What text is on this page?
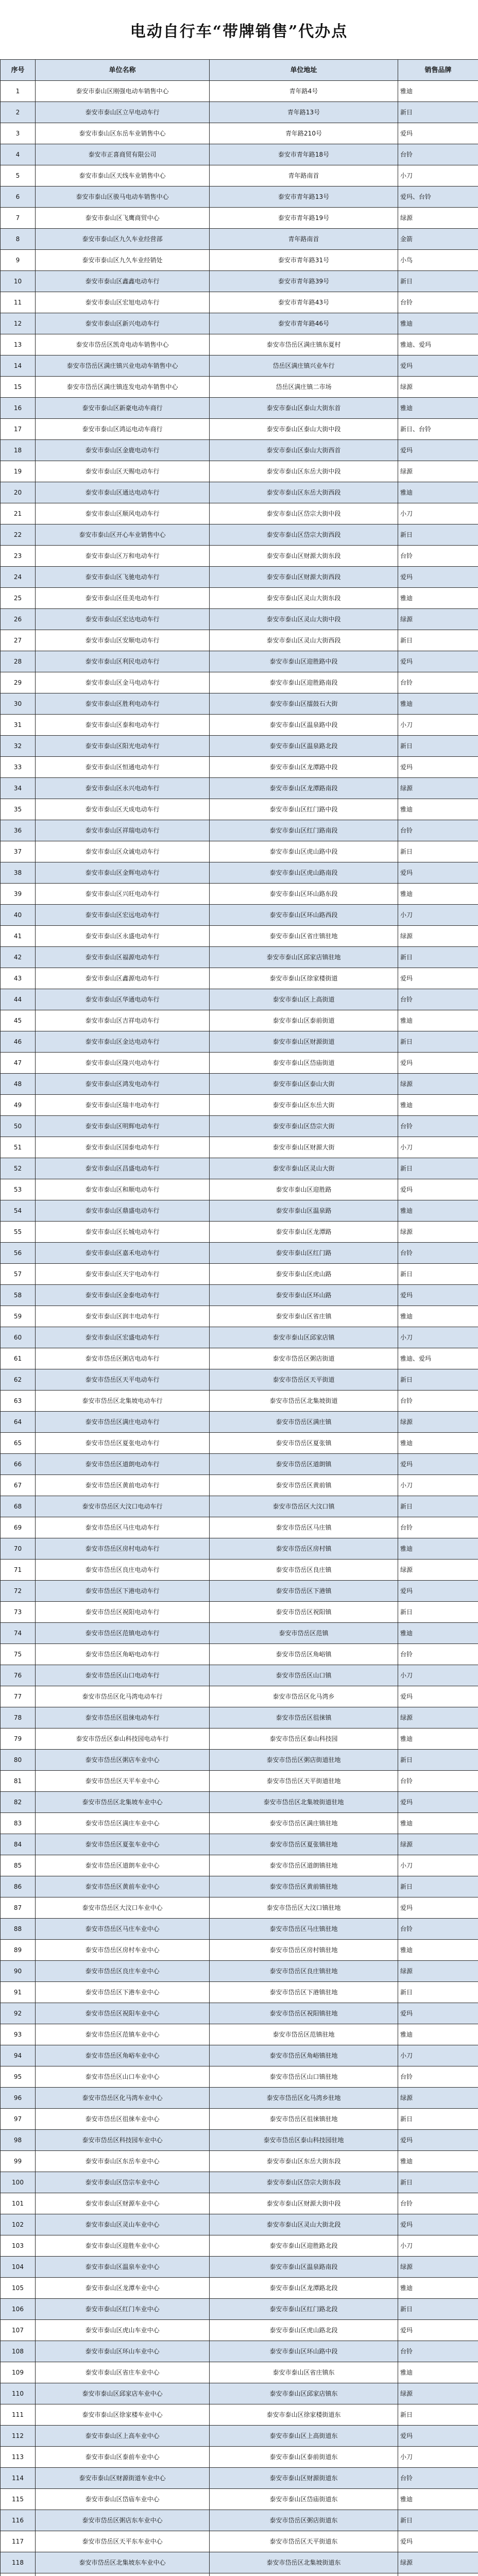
电动自行车“带牌销售”代办点
序号	单位名称	单位地址	销售品牌
1	泰安市泰山区刚强电动车销售中心	青年路4号	雅迪
2	泰安市泰山区立早电动车行	青年路13号	新日
3	泰安市泰山区东岳车业销售中心	青年路210号	爱玛
4	泰安市正喜商贸有限公司	泰安市青年路18号	台铃
5	泰安市泰山区天线车业销售中心	青年路南首	小刀
6	泰安市泰山区骏马电动车销售中心	泰安市青年路13号	爱玛、台铃
7	泰安市泰山区飞鹰商贸中心	泰安市青年路19号	绿源
8	泰安市泰山区九久车业经营部	青年路南首	金箭
9	泰安市泰山区九久车业经销处	泰安市青年路31号	小鸟
10	泰安市泰山区鑫鑫电动车行	泰安市青年路39号	新日
11	泰安市泰山区宏旭电动车行	泰安市青年路43号	台铃
12	泰安市泰山区新兴电动车行	泰安市青年路46号	雅迪
13	泰安市岱岳区凯奇电动车销售中心	泰安市岱岳区满庄镇东夏村	雅迪、爱玛
14	泰安市岱岳区满庄镇兴业电动车销售中心	岱岳区满庄镇兴业车行	爱玛
15	泰安市岱岳区满庄镇连发电动车销售中心	岱岳区满庄镇二市场	绿源
16	泰安市泰山区新豪电动车商行	泰安市泰山区泰山大街东首	雅迪
17	泰安市泰山区鸿运电动车商行	泰安市泰山区泰山大街中段	新日、台铃
18	泰安市泰山区金鹿电动车行	泰安市泰山区泰山大街西首	爱玛
19	泰安市泰山区天赐电动车行	泰安市泰山区东岳大街中段	绿源
20	泰安市泰山区通达电动车行	泰安市泰山区东岳大街西段	雅迪
21	泰安市泰山区顺风电动车行	泰安市泰山区岱宗大街中段	小刀
22	泰安市泰山区开心车业销售中心	泰安市泰山区岱宗大街西段	新日
23	泰安市泰山区万和电动车行	泰安市泰山区财源大街东段	台铃
24	泰安市泰山区飞驰电动车行	泰安市泰山区财源大街西段	爱玛
25	泰安市泰山区佳美电动车行	泰安市泰山区灵山大街东段	雅迪
26	泰安市泰山区宏达电动车行	泰安市泰山区灵山大街中段	绿源
27	泰安市泰山区安顺电动车行	泰安市泰山区灵山大街西段	新日
28	泰安市泰山区利民电动车行	泰安市泰山区迎胜路中段	爱玛
29	泰安市泰山区金马电动车行	泰安市泰山区迎胜路南段	台铃
30	泰安市泰山区胜利电动车行	泰安市泰山区擂鼓石大街	雅迪
31	泰安市泰山区泰和电动车行	泰安市泰山区温泉路中段	小刀
32	泰安市泰山区阳光电动车行	泰安市泰山区温泉路北段	新日
33	泰安市泰山区恒通电动车行	泰安市泰山区龙潭路中段	爱玛
34	泰安市泰山区永兴电动车行	泰安市泰山区龙潭路南段	绿源
35	泰安市泰山区天成电动车行	泰安市泰山区红门路中段	雅迪
36	泰安市泰山区祥瑞电动车行	泰安市泰山区红门路南段	台铃
37	泰安市泰山区众诚电动车行	泰安市泰山区虎山路中段	新日
38	泰安市泰山区金辉电动车行	泰安市泰山区虎山路南段	爱玛
39	泰安市泰山区兴旺电动车行	泰安市泰山区环山路东段	雅迪
40	泰安市泰山区宏远电动车行	泰安市泰山区环山路西段	小刀
41	泰安市泰山区永盛电动车行	泰安市泰山区省庄镇驻地	绿源
42	泰安市泰山区福源电动车行	泰安市泰山区邱家店镇驻地	新日
43	泰安市泰山区鑫源电动车行	泰安市泰山区徐家楼街道	爱玛
44	泰安市泰山区华通电动车行	泰安市泰山区上高街道	台铃
45	泰安市泰山区吉祥电动车行	泰安市泰山区泰前街道	雅迪
46	泰安市泰山区金达电动车行	泰安市泰山区财源街道	新日
47	泰安市泰山区隆兴电动车行	泰安市泰山区岱庙街道	爱玛
48	泰安市泰山区鸿发电动车行	泰安市泰山区泰山大街	绿源
49	泰安市泰山区瑞丰电动车行	泰安市泰山区东岳大街	雅迪
50	泰安市泰山区明辉电动车行	泰安市泰山区岱宗大街	台铃
51	泰安市泰山区国泰电动车行	泰安市泰山区财源大街	小刀
52	泰安市泰山区昌盛电动车行	泰安市泰山区灵山大街	新日
53	泰安市泰山区和顺电动车行	泰安市泰山区迎胜路	爱玛
54	泰安市泰山区鼎盛电动车行	泰安市泰山区温泉路	雅迪
55	泰安市泰山区长城电动车行	泰安市泰山区龙潭路	绿源
56	泰安市泰山区嘉禾电动车行	泰安市泰山区红门路	台铃
57	泰安市泰山区天宇电动车行	泰安市泰山区虎山路	新日
58	泰安市泰山区金泰电动车行	泰安市泰山区环山路	爱玛
59	泰安市泰山区润丰电动车行	泰安市泰山区省庄镇	雅迪
60	泰安市泰山区宏盛电动车行	泰安市泰山区邱家店镇	小刀
61	泰安市岱岳区粥店电动车行	泰安市岱岳区粥店街道	雅迪、爱玛
62	泰安市岱岳区天平电动车行	泰安市岱岳区天平街道	新日
63	泰安市岱岳区北集坡电动车行	泰安市岱岳区北集坡街道	台铃
64	泰安市岱岳区满庄电动车行	泰安市岱岳区满庄镇	绿源
65	泰安市岱岳区夏张电动车行	泰安市岱岳区夏张镇	雅迪
66	泰安市岱岳区道朗电动车行	泰安市岱岳区道朗镇	爱玛
67	泰安市岱岳区黄前电动车行	泰安市岱岳区黄前镇	小刀
68	泰安市岱岳区大汶口电动车行	泰安市岱岳区大汶口镇	新日
69	泰安市岱岳区马庄电动车行	泰安市岱岳区马庄镇	台铃
70	泰安市岱岳区房村电动车行	泰安市岱岳区房村镇	雅迪
71	泰安市岱岳区良庄电动车行	泰安市岱岳区良庄镇	绿源
72	泰安市岱岳区下港电动车行	泰安市岱岳区下港镇	爱玛
73	泰安市岱岳区祝阳电动车行	泰安市岱岳区祝阳镇	新日
74	泰安市岱岳区范镇电动车行	泰安市岱岳区范镇	雅迪
75	泰安市岱岳区角峪电动车行	泰安市岱岳区角峪镇	台铃
76	泰安市岱岳区山口电动车行	泰安市岱岳区山口镇	小刀
77	泰安市岱岳区化马湾电动车行	泰安市岱岳区化马湾乡	爱玛
78	泰安市岱岳区徂徕电动车行	泰安市岱岳区徂徕镇	绿源
79	泰安市岱岳区泰山科技园电动车行	泰安市岱岳区泰山科技园	雅迪
80	泰安市岱岳区粥店车业中心	泰安市岱岳区粥店街道驻地	新日
81	泰安市岱岳区天平车业中心	泰安市岱岳区天平街道驻地	台铃
82	泰安市岱岳区北集坡车业中心	泰安市岱岳区北集坡街道驻地	爱玛
83	泰安市岱岳区满庄车业中心	泰安市岱岳区满庄镇驻地	雅迪
84	泰安市岱岳区夏张车业中心	泰安市岱岳区夏张镇驻地	绿源
85	泰安市岱岳区道朗车业中心	泰安市岱岳区道朗镇驻地	小刀
86	泰安市岱岳区黄前车业中心	泰安市岱岳区黄前镇驻地	新日
87	泰安市岱岳区大汶口车业中心	泰安市岱岳区大汶口镇驻地	爱玛
88	泰安市岱岳区马庄车业中心	泰安市岱岳区马庄镇驻地	台铃
89	泰安市岱岳区房村车业中心	泰安市岱岳区房村镇驻地	雅迪
90	泰安市岱岳区良庄车业中心	泰安市岱岳区良庄镇驻地	绿源
91	泰安市岱岳区下港车业中心	泰安市岱岳区下港镇驻地	新日
92	泰安市岱岳区祝阳车业中心	泰安市岱岳区祝阳镇驻地	爱玛
93	泰安市岱岳区范镇车业中心	泰安市岱岳区范镇驻地	雅迪
94	泰安市岱岳区角峪车业中心	泰安市岱岳区角峪镇驻地	小刀
95	泰安市岱岳区山口车业中心	泰安市岱岳区山口镇驻地	台铃
96	泰安市岱岳区化马湾车业中心	泰安市岱岳区化马湾乡驻地	绿源
97	泰安市岱岳区徂徕车业中心	泰安市岱岳区徂徕镇驻地	新日
98	泰安市岱岳区科技园车业中心	泰安市岱岳区泰山科技园驻地	爱玛
99	泰安市泰山区东岳车业中心	泰安市泰山区东岳大街东段	雅迪
100	泰安市泰山区岱宗车业中心	泰安市泰山区岱宗大街东段	新日
101	泰安市泰山区财源车业中心	泰安市泰山区财源大街中段	台铃
102	泰安市泰山区灵山车业中心	泰安市泰山区灵山大街北段	爱玛
103	泰安市泰山区迎胜车业中心	泰安市泰山区迎胜路北段	小刀
104	泰安市泰山区温泉车业中心	泰安市泰山区温泉路南段	绿源
105	泰安市泰山区龙潭车业中心	泰安市泰山区龙潭路北段	雅迪
106	泰安市泰山区红门车业中心	泰安市泰山区红门路北段	新日
107	泰安市泰山区虎山车业中心	泰安市泰山区虎山路北段	爱玛
108	泰安市泰山区环山车业中心	泰安市泰山区环山路中段	台铃
109	泰安市泰山区省庄车业中心	泰安市泰山区省庄镇东	雅迪
110	泰安市泰山区邱家店车业中心	泰安市泰山区邱家店镇东	绿源
111	泰安市泰山区徐家楼车业中心	泰安市泰山区徐家楼街道东	新日
112	泰安市泰山区上高车业中心	泰安市泰山区上高街道东	爱玛
113	泰安市泰山区泰前车业中心	泰安市泰山区泰前街道东	小刀
114	泰安市泰山区财源街道车业中心	泰安市泰山区财源街道东	台铃
115	泰安市泰山区岱庙车业中心	泰安市泰山区岱庙街道东	雅迪
116	泰安市岱岳区粥店东车业中心	泰安市岱岳区粥店街道东	新日
117	泰安市岱岳区天平东车业中心	泰安市岱岳区天平街道东	爱玛
118	泰安市岱岳区北集坡东车业中心	泰安市岱岳区北集坡街道东	绿源
